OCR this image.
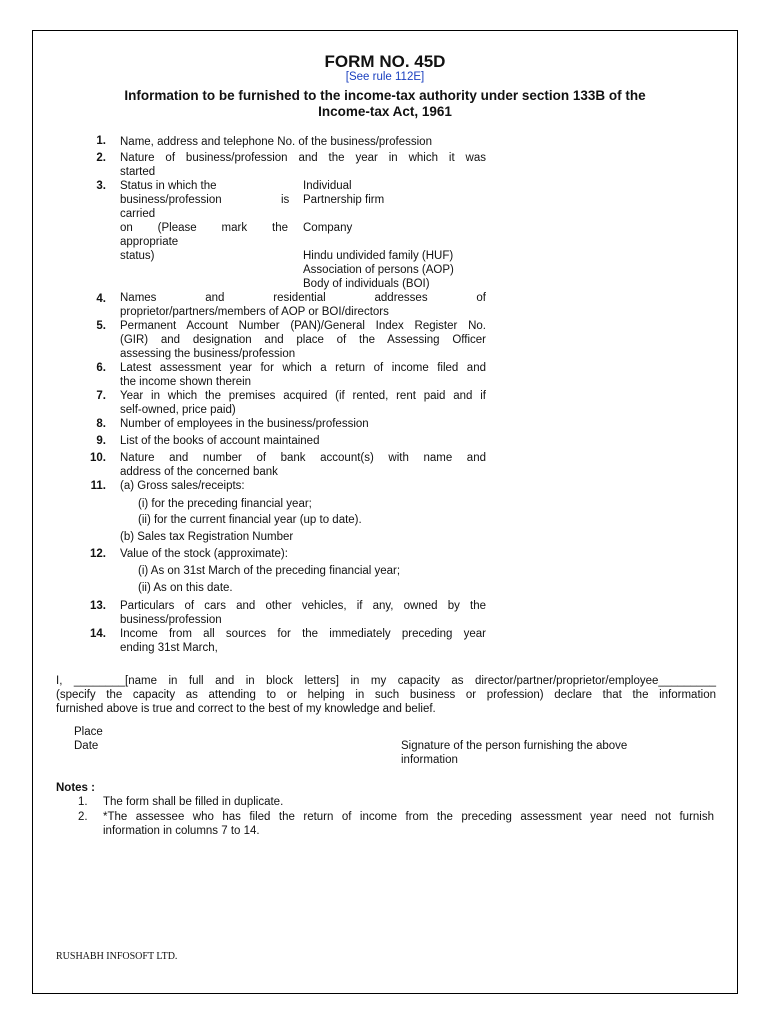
FORM NO. 45D
[See rule 112E]
Information to be furnished to the income-tax authority under section 133B of the
Income-tax Act, 1961
1. Name, address and telephone No. of the business/profession
2. Nature of business/profession and the year in which it was
started
3. Status in which the
business/profession	is
carried
on (Please mark the
appropriate
status)
Individual
Partnership firm
Company
Hindu undivided family (HUF)
Association of persons (AOP)
Body of individuals (BOI)
4. Names and residential addresses of
proprietor/partners/members of AOP or BOI/directors
5. Permanent Account Number (PAN)/General Index Register No.
(GIR) and designation and place of the Assessing Officer
assessing the business/profession
6. Latest assessment year for which a return of income filed and
the income shown therein
7. Year in which the premises acquired (if rented, rent paid and if
self-owned, price paid)
8. Number of employees in the business/profession
9. List of the books of account maintained
10. Nature and number of bank account(s) with name and
address of the concerned bank
11. (a) Gross sales/receipts:
(i) for the preceding financial year;
(ii) for the current financial year (up to date).
(b) Sales tax Registration Number
12. Value of the stock (approximate):
(i) As on 31st March of the preceding financial year;
(ii) As on this date.
13. Particulars of cars and other vehicles, if any, owned by the
business/profession
14. Income from all sources for the immediately preceding year
ending 31st March,
I, ________[name in full and in block letters] in my capacity as director/partner/proprietor/employee_________
(specify the capacity as attending to or helping in such business or profession) declare that the information
furnished above is true and correct to the best of my knowledge and belief.
Place
Date	Signature of the person furnishing the above
information
Notes :
1. The form shall be filled in duplicate.
2. *The assessee who has filed the return of income from the preceding assessment year need not furnish
information in columns 7 to 14.
RUSHABH INFOSOFT LTD.
